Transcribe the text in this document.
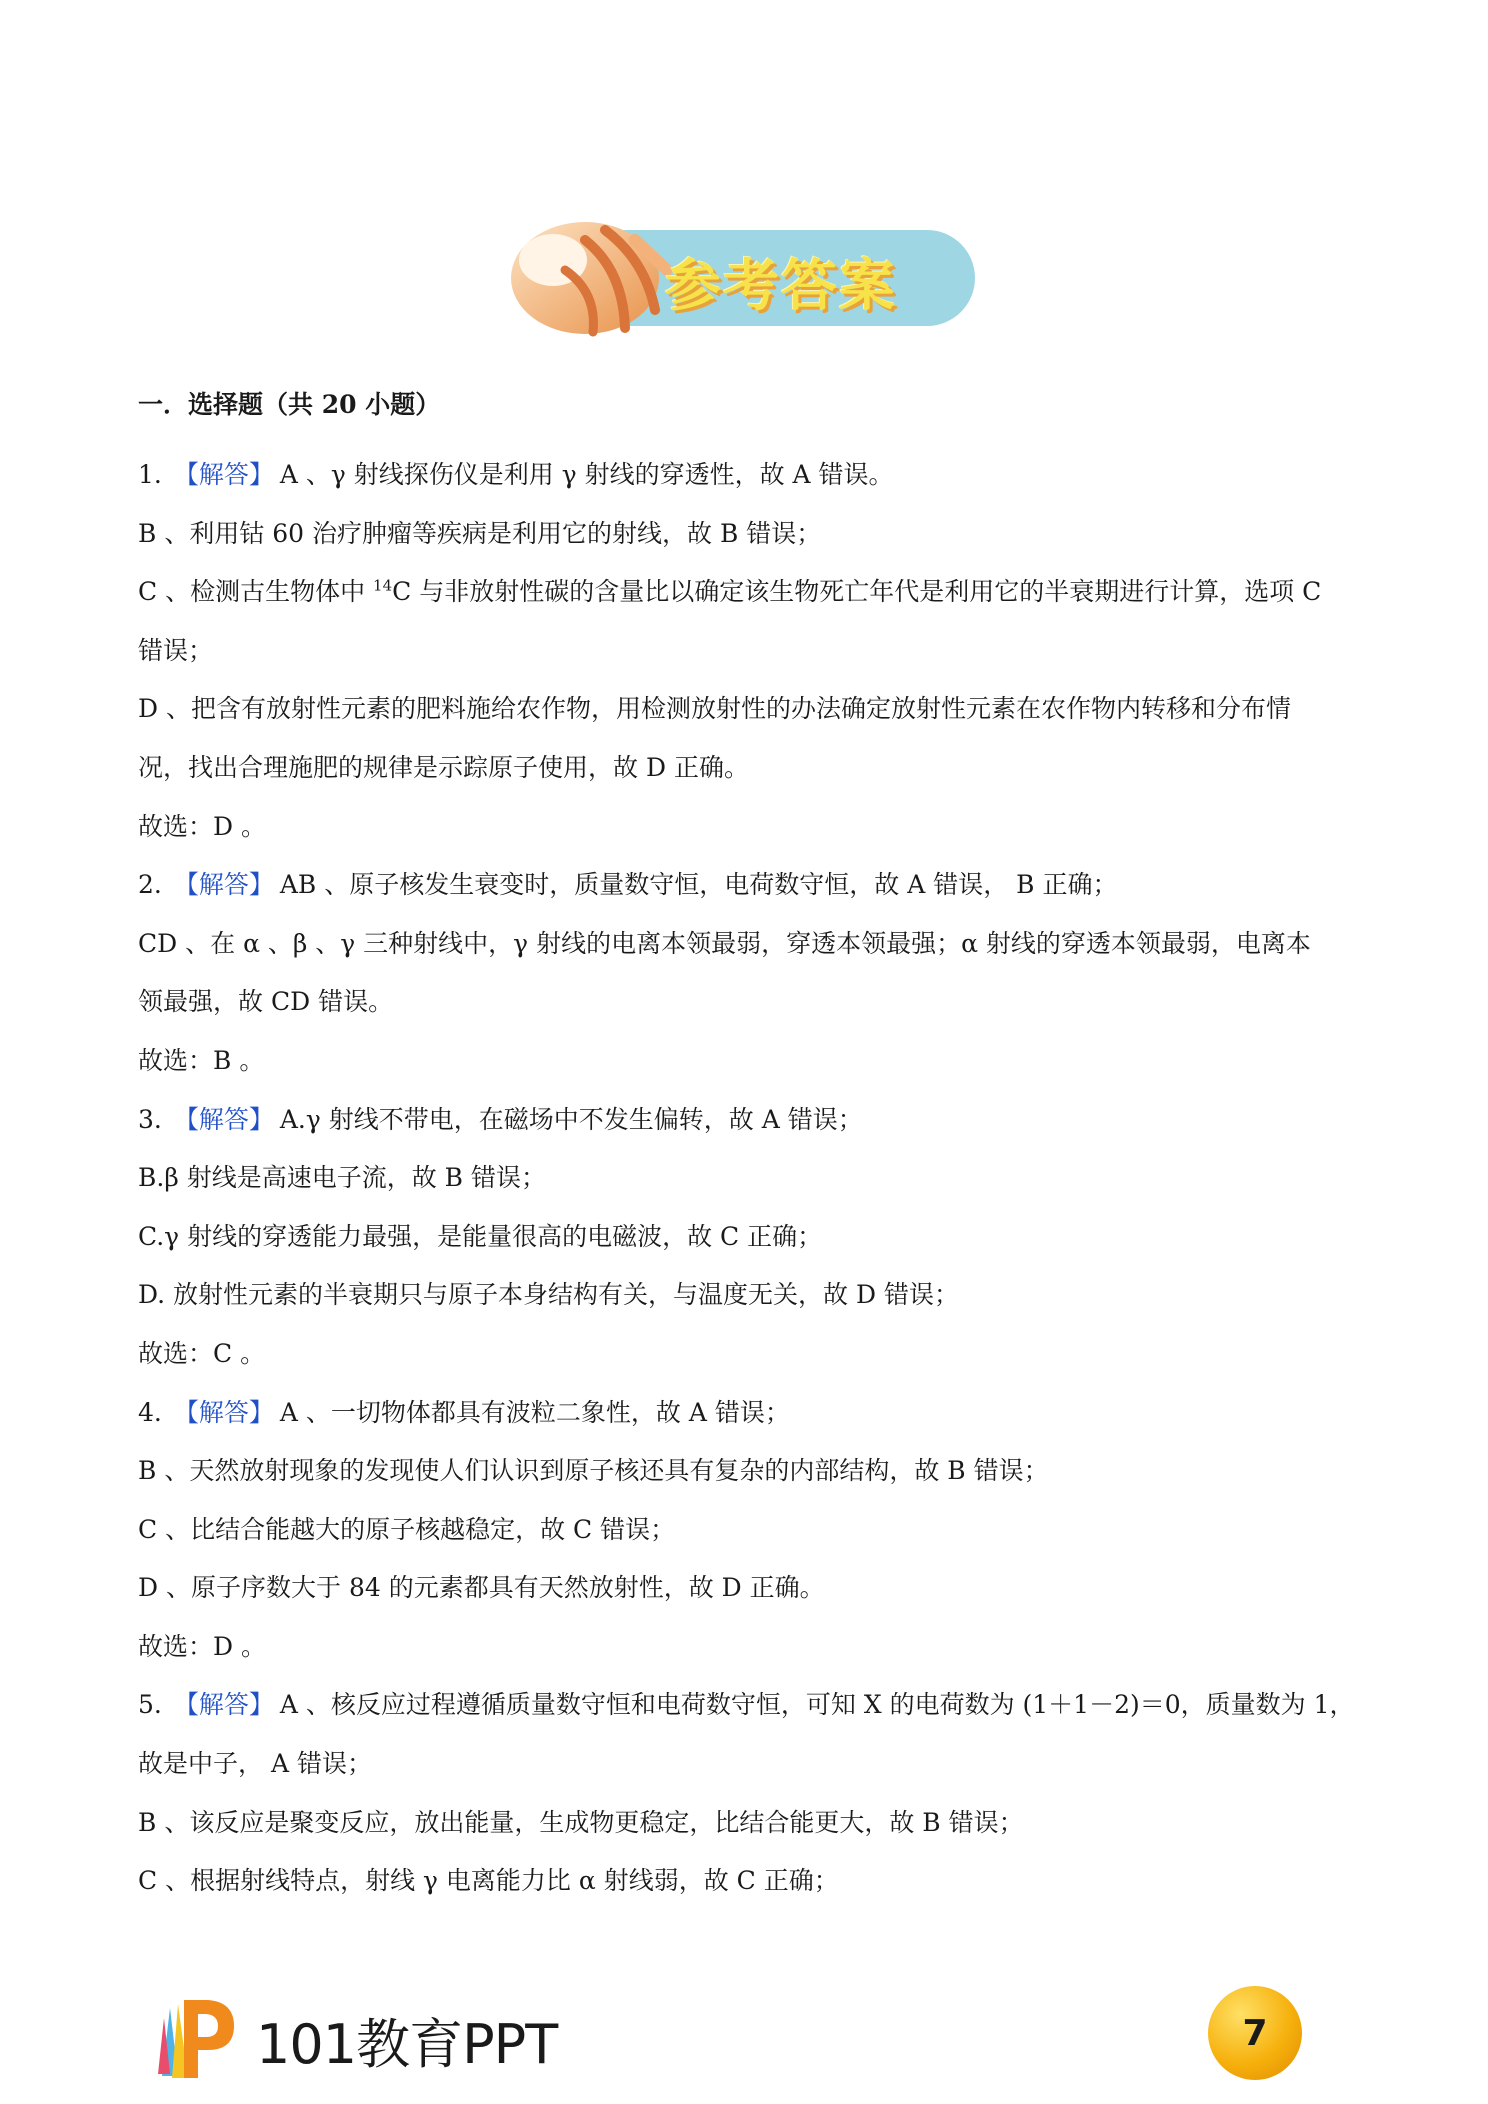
参考答案
一．选择题（共 20 小题）
1. 【解答】 A 、γ 射线探伤仪是利用 γ 射线的穿透性，故 A 错误。
B 、利用钴 60 治疗肿瘤等疾病是利用它的射线，故 B 错误；
C 、检测古生物体中 $^{14}$C 与非放射性碳的含量比以确定该生物死亡年代是利用它的半衰期进行计算，选项 C
错误；
D 、把含有放射性元素的肥料施给农作物，用检测放射性的办法确定放射性元素在农作物内转移和分布情
况，找出合理施肥的规律是示踪原子使用，故 D 正确。
故选：D 。
2. 【解答】 AB 、原子核发生衰变时，质量数守恒，电荷数守恒，故 A 错误， B 正确；
CD 、在 α 、β 、γ 三种射线中，γ 射线的电离本领最弱，穿透本领最强；α 射线的穿透本领最弱，电离本
领最强，故 CD 错误。
故选：B 。
3. 【解答】 A.γ 射线不带电，在磁场中不发生偏转，故 A 错误；
B.β 射线是高速电子流，故 B 错误；
C.γ 射线的穿透能力最强，是能量很高的电磁波，故 C 正确；
D. 放射性元素的半衰期只与原子本身结构有关，与温度无关，故 D 错误；
故选：C 。
4. 【解答】 A 、一切物体都具有波粒二象性，故 A 错误；
B 、天然放射现象的发现使人们认识到原子核还具有复杂的内部结构，故 B 错误；
C 、比结合能越大的原子核越稳定，故 C 错误；
D 、原子序数大于 84 的元素都具有天然放射性，故 D 正确。
故选：D 。
5. 【解答】 A 、核反应过程遵循质量数守恒和电荷数守恒，可知 X 的电荷数为 (1＋1－2)＝0，质量数为 1，
故是中子， A 错误；
B 、该反应是聚变反应，放出能量，生成物更稳定，比结合能更大，故 B 错误；
C 、根据射线特点，射线 γ 电离能力比 α 射线弱，故 C 正确；
101教育PPT	7
